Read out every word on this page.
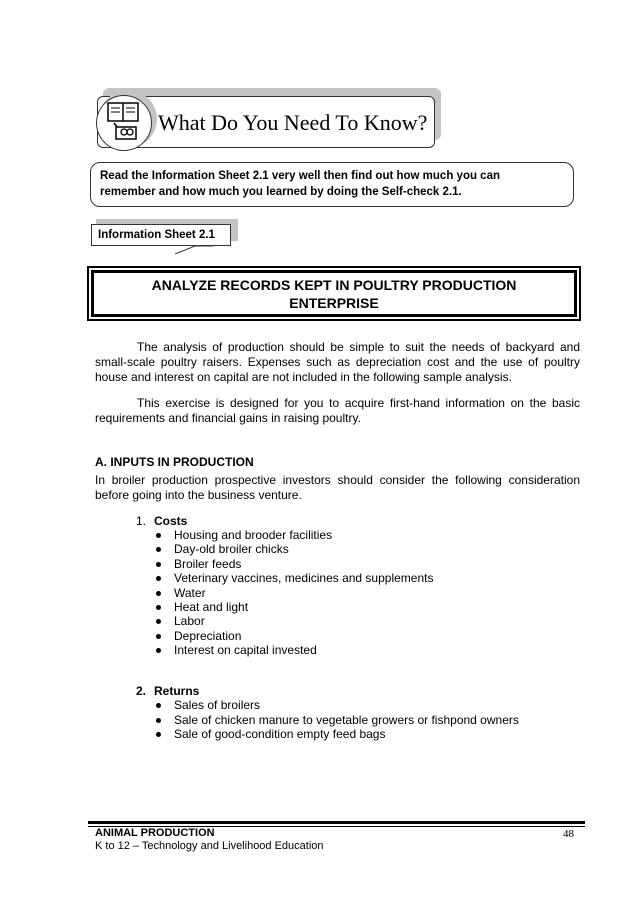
What Do You Need To Know?
Read the Information Sheet 2.1 very well then find out how much you can
remember and how much you learned by doing the Self-check 2.1.
Information Sheet 2.1
ANALYZE RECORDS KEPT IN POULTRY PRODUCTION
ENTERPRISE
The analysis of production should be simple to suit the needs of backyard and small-scale poultry raisers. Expenses such as depreciation cost and the use of poultry house and interest on capital are not included in the following sample analysis.
This exercise is designed for you to acquire first-hand information on the basic requirements and financial gains in raising poultry.
A. INPUTS IN PRODUCTION
In broiler production prospective investors should consider the following consideration before going into the business venture.
1. Costs
Housing and brooder facilities
Day-old broiler chicks
Broiler feeds
Veterinary vaccines, medicines and supplements
Water
Heat and light
Labor
Depreciation
Interest on capital invested
2. Returns
Sales of broilers
Sale of chicken manure to vegetable growers or fishpond owners
Sale of good-condition empty feed bags
ANIMAL PRODUCTION	48
K to 12 – Technology and Livelihood Education
